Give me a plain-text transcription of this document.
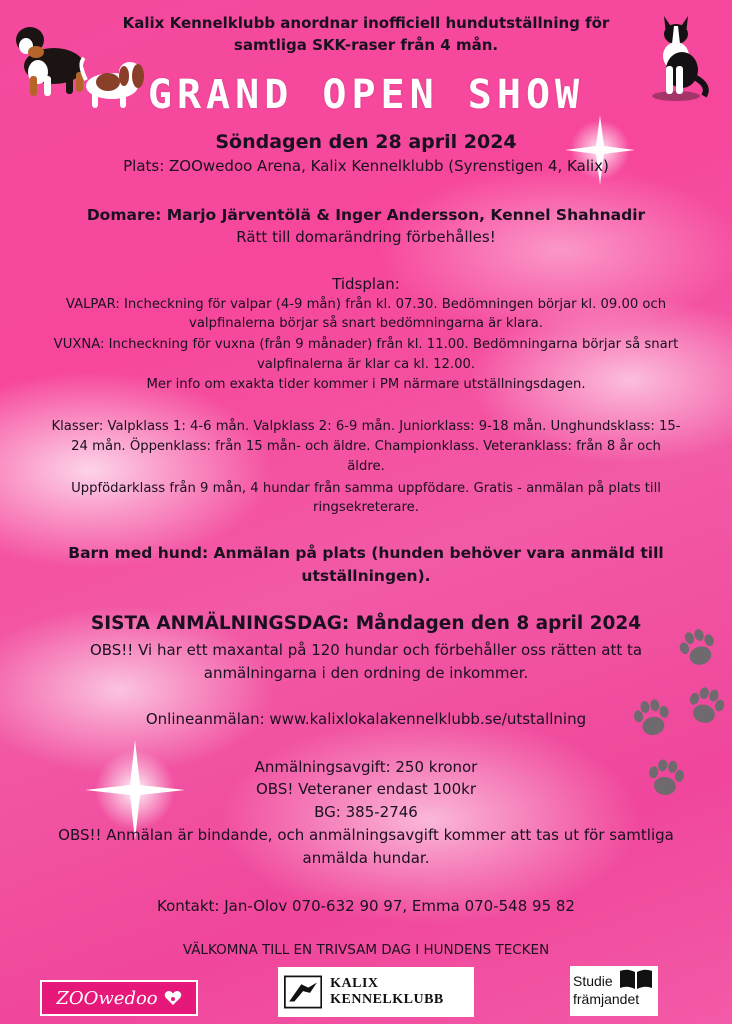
Kalix Kennelklubb anordnar inofficiell hundutställning för
samtliga SKK-raser från 4 mån.
GRAND OPEN SHOW
Söndagen den 28 april 2024
Plats: ZOOwedoo Arena, Kalix Kennelklubb (Syrenstigen 4, Kalix)
Domare: Marjo Järventölä & Inger Andersson, Kennel Shahnadir
Rätt till domarändring förbehålles!
Tidsplan:
VALPAR: Incheckning för valpar (4-9 mån) från kl. 07.30. Bedömningen börjar kl. 09.00 och
valpfinalerna börjar så snart bedömningarna är klara.
VUXNA: Incheckning för vuxna (från 9 månader) från kl. 11.00. Bedömningarna börjar så snart
valpfinalerna är klar ca kl. 12.00.
Mer info om exakta tider kommer i PM närmare utställningsdagen.
Klasser: Valpklass 1: 4-6 mån. Valpklass 2: 6-9 mån. Juniorklass: 9-18 mån. Unghundsklass: 15-
24 mån. Öppenklass: från 15 mån- och äldre. Championklass. Veteranklass: från 8 år och
äldre.
Uppfödarklass från 9 mån, 4 hundar från samma uppfödare. Gratis - anmälan på plats till
ringsekreterare.
Barn med hund: Anmälan på plats (hunden behöver vara anmäld till
utställningen).
SISTA ANMÄLNINGSDAG: Måndagen den 8 april 2024
OBS!! Vi har ett maxantal på 120 hundar och förbehåller oss rätten att ta
anmälningarna i den ordning de inkommer.
Onlineanmälan: www.kalixlokalakennelklubb.se/utstallning
Anmälningsavgift: 250 kronor
OBS! Veteraner endast 100kr
BG: 385-2746
OBS!! Anmälan är bindande, och anmälningsavgift kommer att tas ut för samtliga
anmälda hundar.
Kontakt: Jan-Olov 070-632 90 97, Emma 070-548 95 82
VÄLKOMNA TILL EN TRIVSAM DAG I HUNDENS TECKEN
ZOOwedoo
KALIX KENNELKLUBB
Studie
främjandet
